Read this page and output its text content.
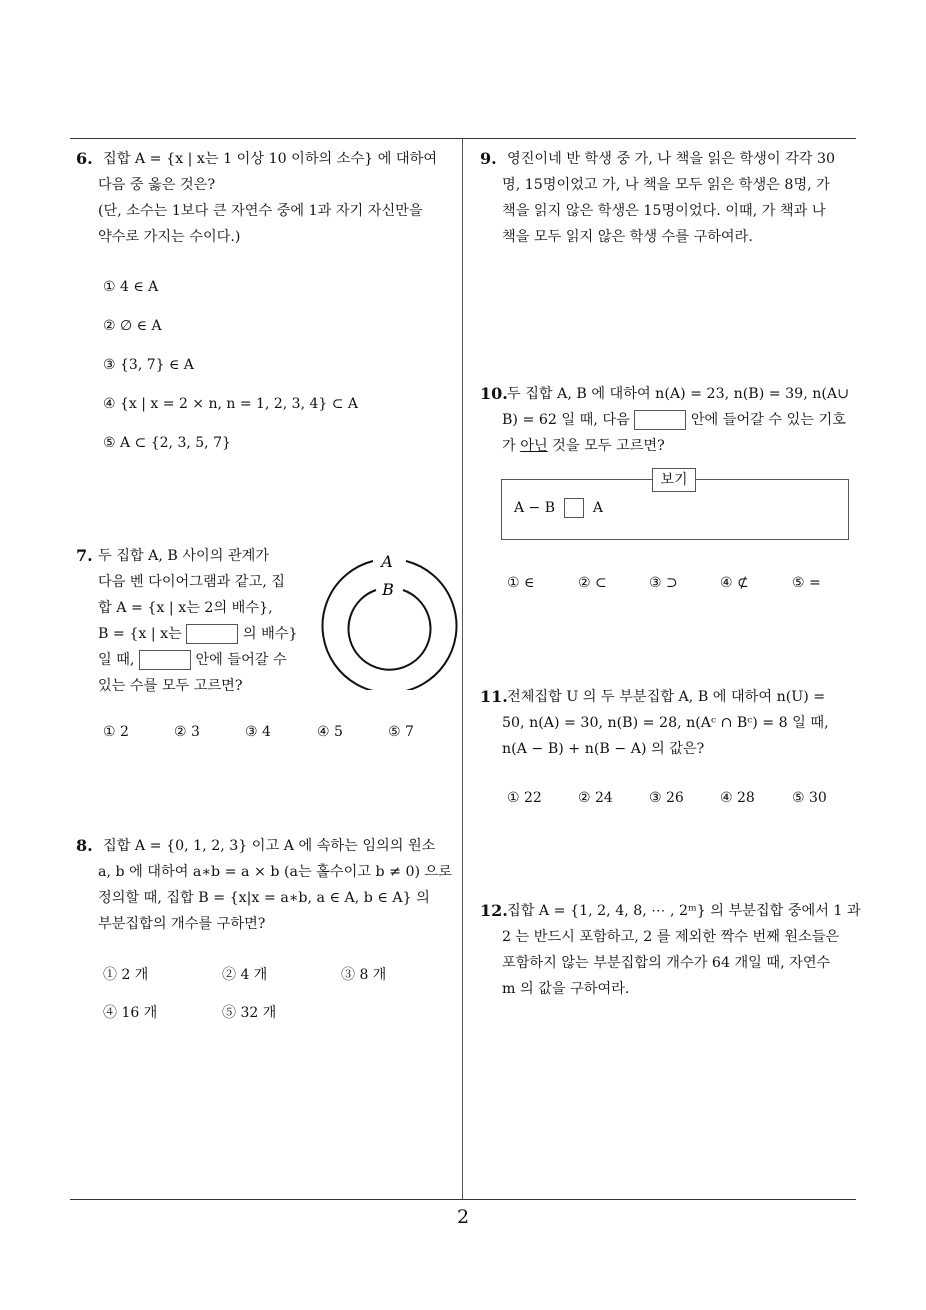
6. 집합 A = {x | x는 1 이상 10 이하의 소수} 에 대하여
다음 중 옳은 것은?
(단, 소수는 1보다 큰 자연수 중에 1과 자기 자신만을
약수로 가지는 수이다.)
① 4 ∈ A
② ∅ ∈ A
③ {3, 7} ∈ A
④ {x | x = 2 × n, n = 1, 2, 3, 4} ⊂ A
⑤ A ⊂ {2, 3, 5, 7}
7. 두 집합 A, B 사이의 관계가
다음 벤 다이어그램과 같고, 집
합 A = {x | x는 2의 배수},
B = {x | x는	의 배수}
일 때,	안에 들어갈 수
있는 수를 모두 고르면?
A
B
① 2	② 3	③ 4	④ 5	⑤ 7
8. 집합 A = {0, 1, 2, 3} 이고 A 에 속하는 임의의 원소
a, b 에 대하여 a∗b = a × b (a는 홀수이고 b ≠ 0) 으로
정의할 때, 집합 B = {x|x = a∗b, a ∈ A, b ∈ A} 의
부분집합의 개수를 구하면?
① 2 개	② 4 개	③ 8 개
④ 16 개	⑤ 32 개
9. 영진이네 반 학생 중 가, 나 책을 읽은 학생이 각각 30
명, 15명이었고 가, 나 책을 모두 읽은 학생은 8명, 가
책을 읽지 않은 학생은 15명이었다. 이때, 가 책과 나
책을 모두 읽지 않은 학생 수를 구하여라.
10. 두 집합 A, B 에 대하여 n(A) = 23, n(B) = 39, n(A∪
B) = 62 일 때, 다음	안에 들어갈 수 있는 기호
가 아닌 것을 모두 고르면?
보기
A − B	A
① ∈	② ⊂	③ ⊃	④ ⊄	⑤ =
11. 전체집합 U 의 두 부분집합 A, B 에 대하여 n(U) =
50, n(A) = 30, n(B) = 28, n(Aᶜ ∩ Bᶜ) = 8 일 때,
n(A − B) + n(B − A) 의 값은?
① 22	② 24	③ 26	④ 28	⑤ 30
12. 집합 A = {1, 2, 4, 8, ⋯ , 2ᵐ} 의 부분집합 중에서 1 과
2 는 반드시 포함하고, 2 를 제외한 짝수 번째 원소들은
포함하지 않는 부분집합의 개수가 64 개일 때, 자연수
m 의 값을 구하여라.
2
